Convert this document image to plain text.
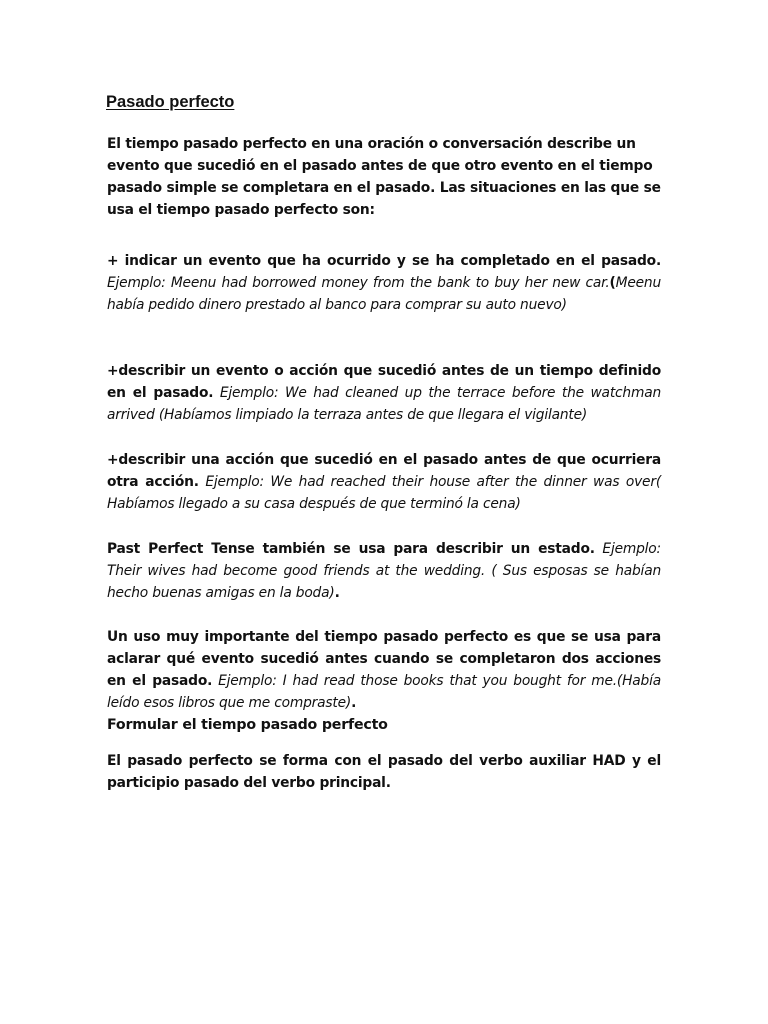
Pasado perfecto

El tiempo pasado perfecto en una oración o conversación describe un evento que sucedió en el pasado antes de que otro evento en el tiempo pasado simple se completara en el pasado. Las situaciones en las que se usa el tiempo pasado perfecto son:

+ indicar un evento que ha ocurrido y se ha completado en el pasado. Ejemplo: Meenu had borrowed money from the bank to buy her new car.(Meenu había pedido dinero prestado al banco para comprar su auto nuevo)

+describir un evento o acción que sucedió antes de un tiempo definido en el pasado. Ejemplo: We had cleaned up the terrace before the watchman arrived (Habíamos limpiado la terraza antes de que llegara el vigilante)

+describir una acción que sucedió en el pasado antes de que ocurriera otra acción. Ejemplo: We had reached their house after the dinner was over( Habíamos llegado a su casa después de que terminó la cena)

Past Perfect Tense también se usa para describir un estado. Ejemplo: Their wives had become good friends at the wedding. ( Sus esposas se habían hecho buenas amigas en la boda).

Un uso muy importante del tiempo pasado perfecto es que se usa para aclarar qué evento sucedió antes cuando se completaron dos acciones en el pasado. Ejemplo: I had read those books that you bought for me.(Había leído esos libros que me compraste).

Formular el tiempo pasado perfecto

El pasado perfecto se forma con el pasado del verbo auxiliar HAD y el participio pasado del verbo principal.
